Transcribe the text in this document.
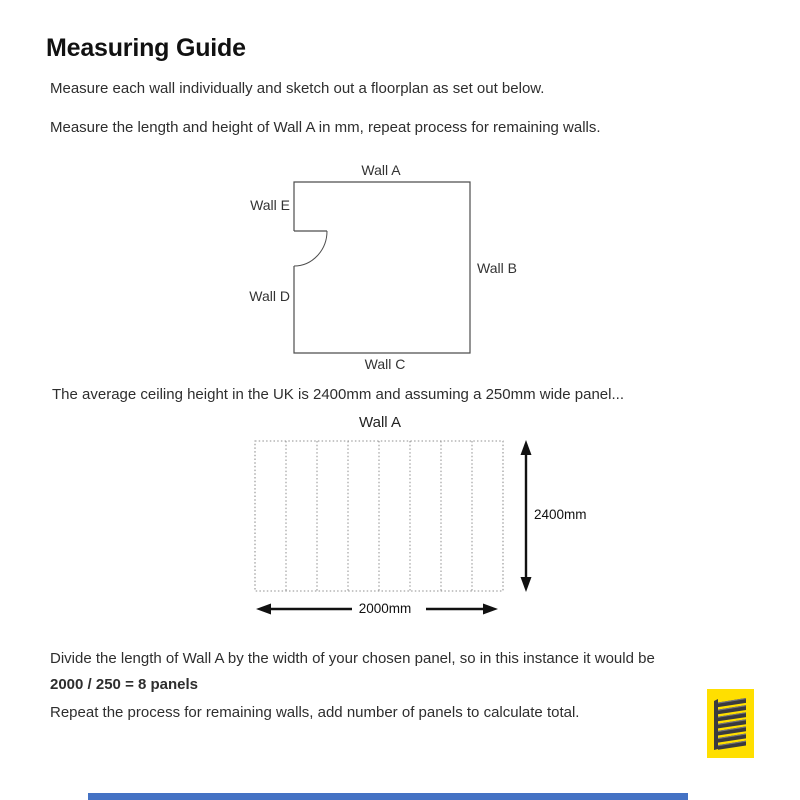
Measuring Guide
Measure each wall individually and sketch out a floorplan as set out below.
Measure the length and height of Wall A in mm, repeat process for remaining walls.
Wall A
Wall E
Wall B
Wall D
Wall C
The average ceiling height in the UK is 2400mm and assuming a 250mm wide panel...
Wall A
2400mm
2000mm
Divide the length of Wall A by the width of your chosen panel, so in this instance it would be
2000 / 250 = 8 panels
Repeat the process for remaining walls, add number of panels to calculate total.
